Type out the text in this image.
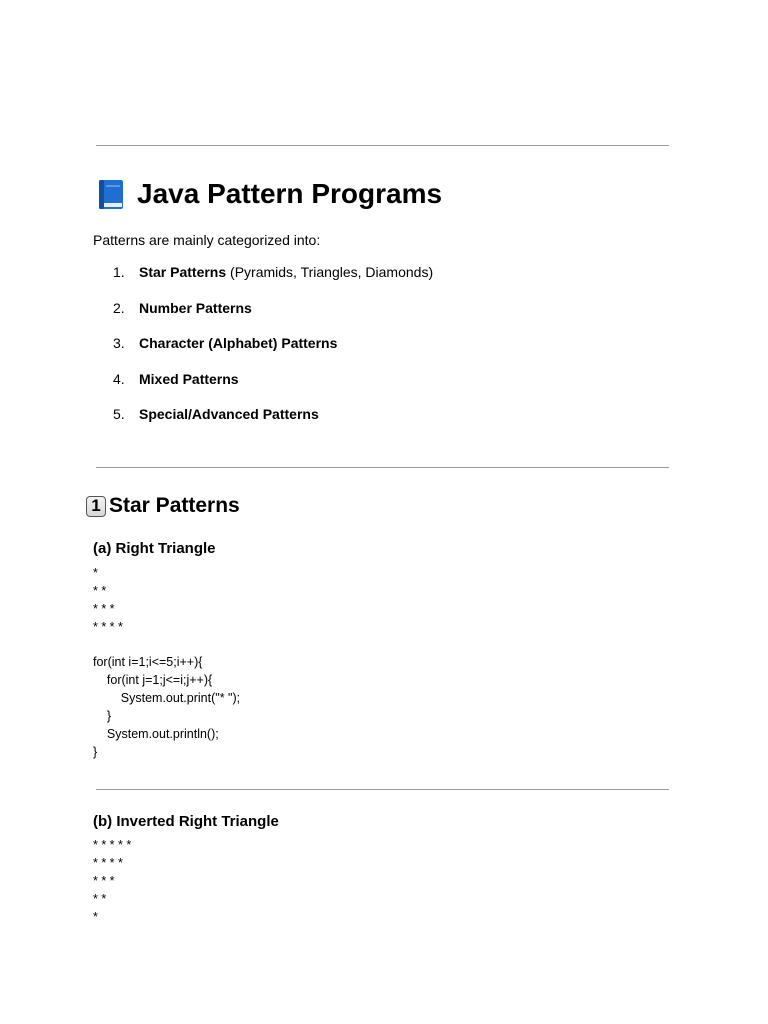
Java Pattern Programs
Patterns are mainly categorized into:
1.	Star Patterns (Pyramids, Triangles, Diamonds)
2.	Number Patterns
3.	Character (Alphabet) Patterns
4.	Mixed Patterns
5.	Special/Advanced Patterns
1 Star Patterns
(a) Right Triangle
*
* *
* * *
* * * *
for(int i=1;i<=5;i++){
for(int j=1;j<=i;j++){
System.out.print("* ");
}
System.out.println();
}
(b) Inverted Right Triangle
* * * * *
* * * *
* * *
* *
*
